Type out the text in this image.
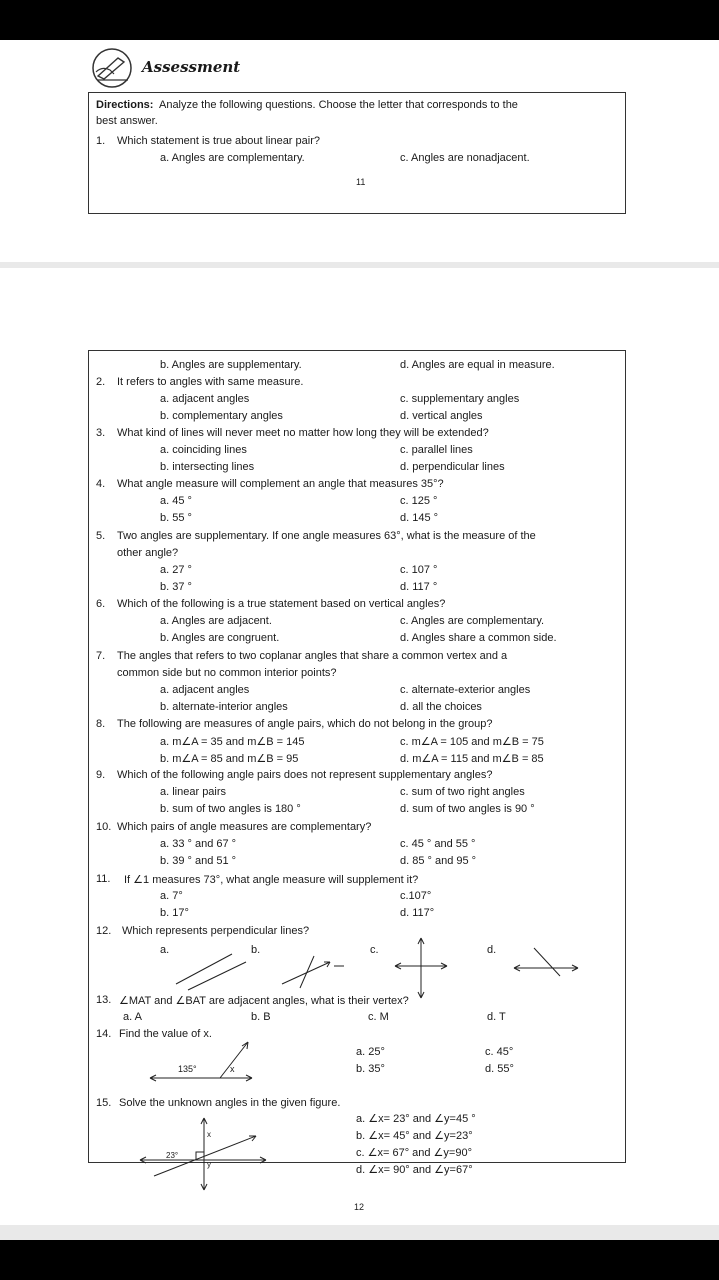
Assessment
Directions: Analyze the following questions. Choose the letter that corresponds to the
best answer.
1. Which statement is true about linear pair?
a. Angles are complementary.	c. Angles are nonadjacent.
11
b. Angles are supplementary.	d. Angles are equal in measure.
2. It refers to angles with same measure.
a. adjacent angles	c. supplementary angles
b. complementary angles	d. vertical angles
3. What kind of lines will never meet no matter how long they will be extended?
a. coinciding lines	c. parallel lines
b. intersecting lines	d. perpendicular lines
4. What angle measure will complement an angle that measures 35°?
a. 45 °	c. 125 °
b. 55 °	d. 145 °
5. Two angles are supplementary. If one angle measures 63°, what is the measure of the
other angle?
a. 27 °	c. 107 °
b. 37 °	d. 117 °
6. Which of the following is a true statement based on vertical angles?
a. Angles are adjacent.	c. Angles are complementary.
b. Angles are congruent.	d. Angles share a common side.
7. The angles that refers to two coplanar angles that share a common vertex and a
common side but no common interior points?
a. adjacent angles	c. alternate-exterior angles
b. alternate-interior angles	d. all the choices
8. The following are measures of angle pairs, which do not belong in the group?
a. m∠A = 35 and m∠B = 145	c. m∠A = 105 and m∠B = 75
b. m∠A = 85 and m∠B = 95	d. m∠A = 115 and m∠B = 85
9. Which of the following angle pairs does not represent supplementary angles?
a. linear pairs	c. sum of two right angles
b. sum of two angles is 180 °	d. sum of two angles is 90 °
10. Which pairs of angle measures are complementary?
a. 33 ° and 67 °	c. 45 ° and 55 °
b. 39 ° and 51 °	d. 85 ° and 95 °
11. If ∠1 measures 73°, what angle measure will supplement it?
a. 7°	c.107°
b. 17°	d. 117°
12. Which represents perpendicular lines?
a.	b.	c.	d.
13. ∠MAT and ∠BAT are adjacent angles, what is their vertex?
a. A	b. B	c. M	d. T
14. Find the value of x.
135°	x
a. 25°	c. 45°
b. 35°	d. 55°
15. Solve the unknown angles in the given figure.
23°
x
y
a. ∠x= 23° and ∠y=45 °
b. ∠x= 45° and ∠y=23°
c. ∠x= 67° and ∠y=90°
d. ∠x= 90° and ∠y=67°
12
